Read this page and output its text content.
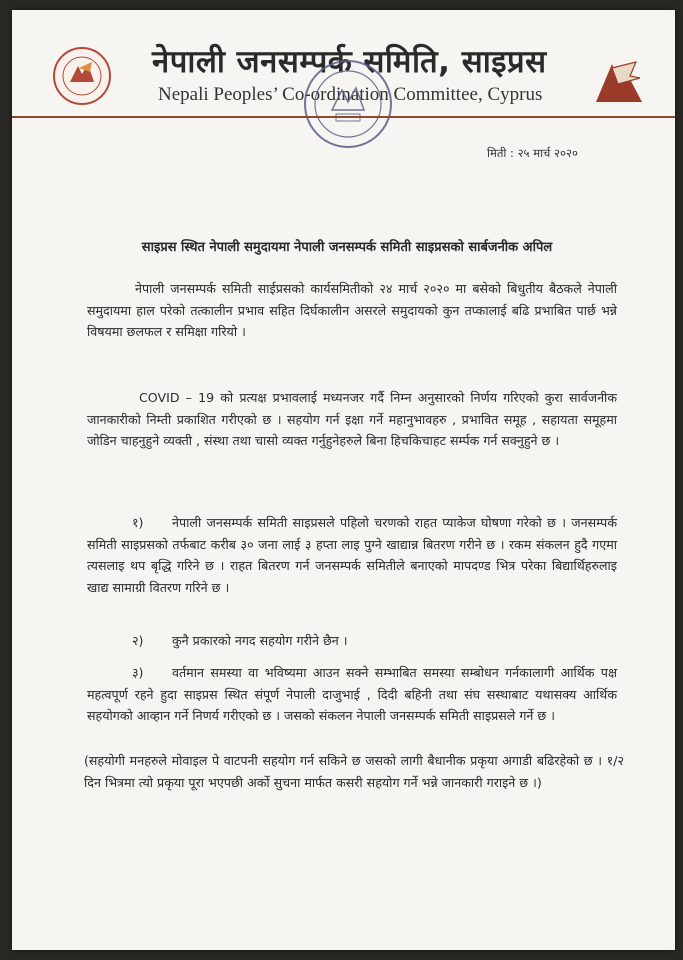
नेपाली जनसम्पर्क समिति, साइप्रस
Nepali Peoples’ Co-ordination Committee, Cyprus
मिती : २५ मार्च २०२०
साइप्रस स्थित नेपाली समुदायमा नेपाली जनसम्पर्क समिती साइप्रसको सार्बजनीक अपिल
नेपाली जनसम्पर्क समिती साईप्रसको कार्यसमितीको २४ मार्च २०२० मा बसेको बिधुतीय बैठकले नेपाली समुदायमा हाल परेको तत्कालीन प्रभाव सहित दिर्घकालीन असरले समुदायको कुन तप्कालाई बढि प्रभाबित पार्छ भन्ने विषयमा छलफल र समिक्षा गरियो ।
COVID – 19 को प्रत्यक्ष प्रभावलाई मध्यनजर गर्दै निम्न अनुसारको निर्णय गरिएको कुरा सार्वजनीक जानकारीको निम्ती प्रकाशित गरीएको छ । सहयोग गर्न इक्षा गर्ने महानुभावहरु , प्रभावित समूह , सहायता समूहमा जोडिन चाहनुहुने व्यक्ती , संस्था तथा चासो व्यक्त गर्नुहुनेहरुले बिना हिचकिचाहट सर्म्पक गर्न सक्नुहुने छ ।
१) नेपाली जनसम्पर्क समिती साइप्रसले पहिलो चरणको राहत प्याकेज घोषणा गरेको छ । जनसम्पर्क समिती साइप्रसको तर्फबाट करीब ३० जना लाई ३ हप्ता लाइ पुग्ने खाद्यान्न बितरण गरीने छ । रकम संकलन हुदै गएमा त्यसलाइ थप बृद्धि गरिने छ । राहत बितरण गर्न जनसम्पर्क समितीले बनाएको मापदण्ड भित्र परेका बिद्यार्थिहरुलाइ खाद्य सामाग्री वितरण गरिने छ ।
२) कुनै प्रकारको नगद सहयोग गरीने छैन ।
३) वर्तमान समस्या वा भविष्यमा आउन सक्ने सम्भाबित समस्या सम्बोधन गर्नकालागी आर्थिक पक्ष महत्वपूर्ण रहने हुदा साइप्रस स्थित संपूर्ण नेपाली दाजुभाई , दिदी बहिनी तथा संघ सस्थाबाट यथासक्य आर्थिक सहयोगको आव्हान गर्ने निणर्य गरीएको छ । जसको संकलन नेपाली जनसम्पर्क समिती साइप्रसले गर्ने छ ।
(सहयोगी मनहरुले मोवाइल पे वाटपनी सहयोग गर्न सकिने छ जसको लागी बैधानीक प्रकृया अगाडी बढिरहेको छ । १/२ दिन भित्रमा त्यो प्रकृया पूरा भएपछी अर्को सुचना मार्फत कसरी सहयोग गर्ने भन्ने जानकारी गराइने छ ।)
